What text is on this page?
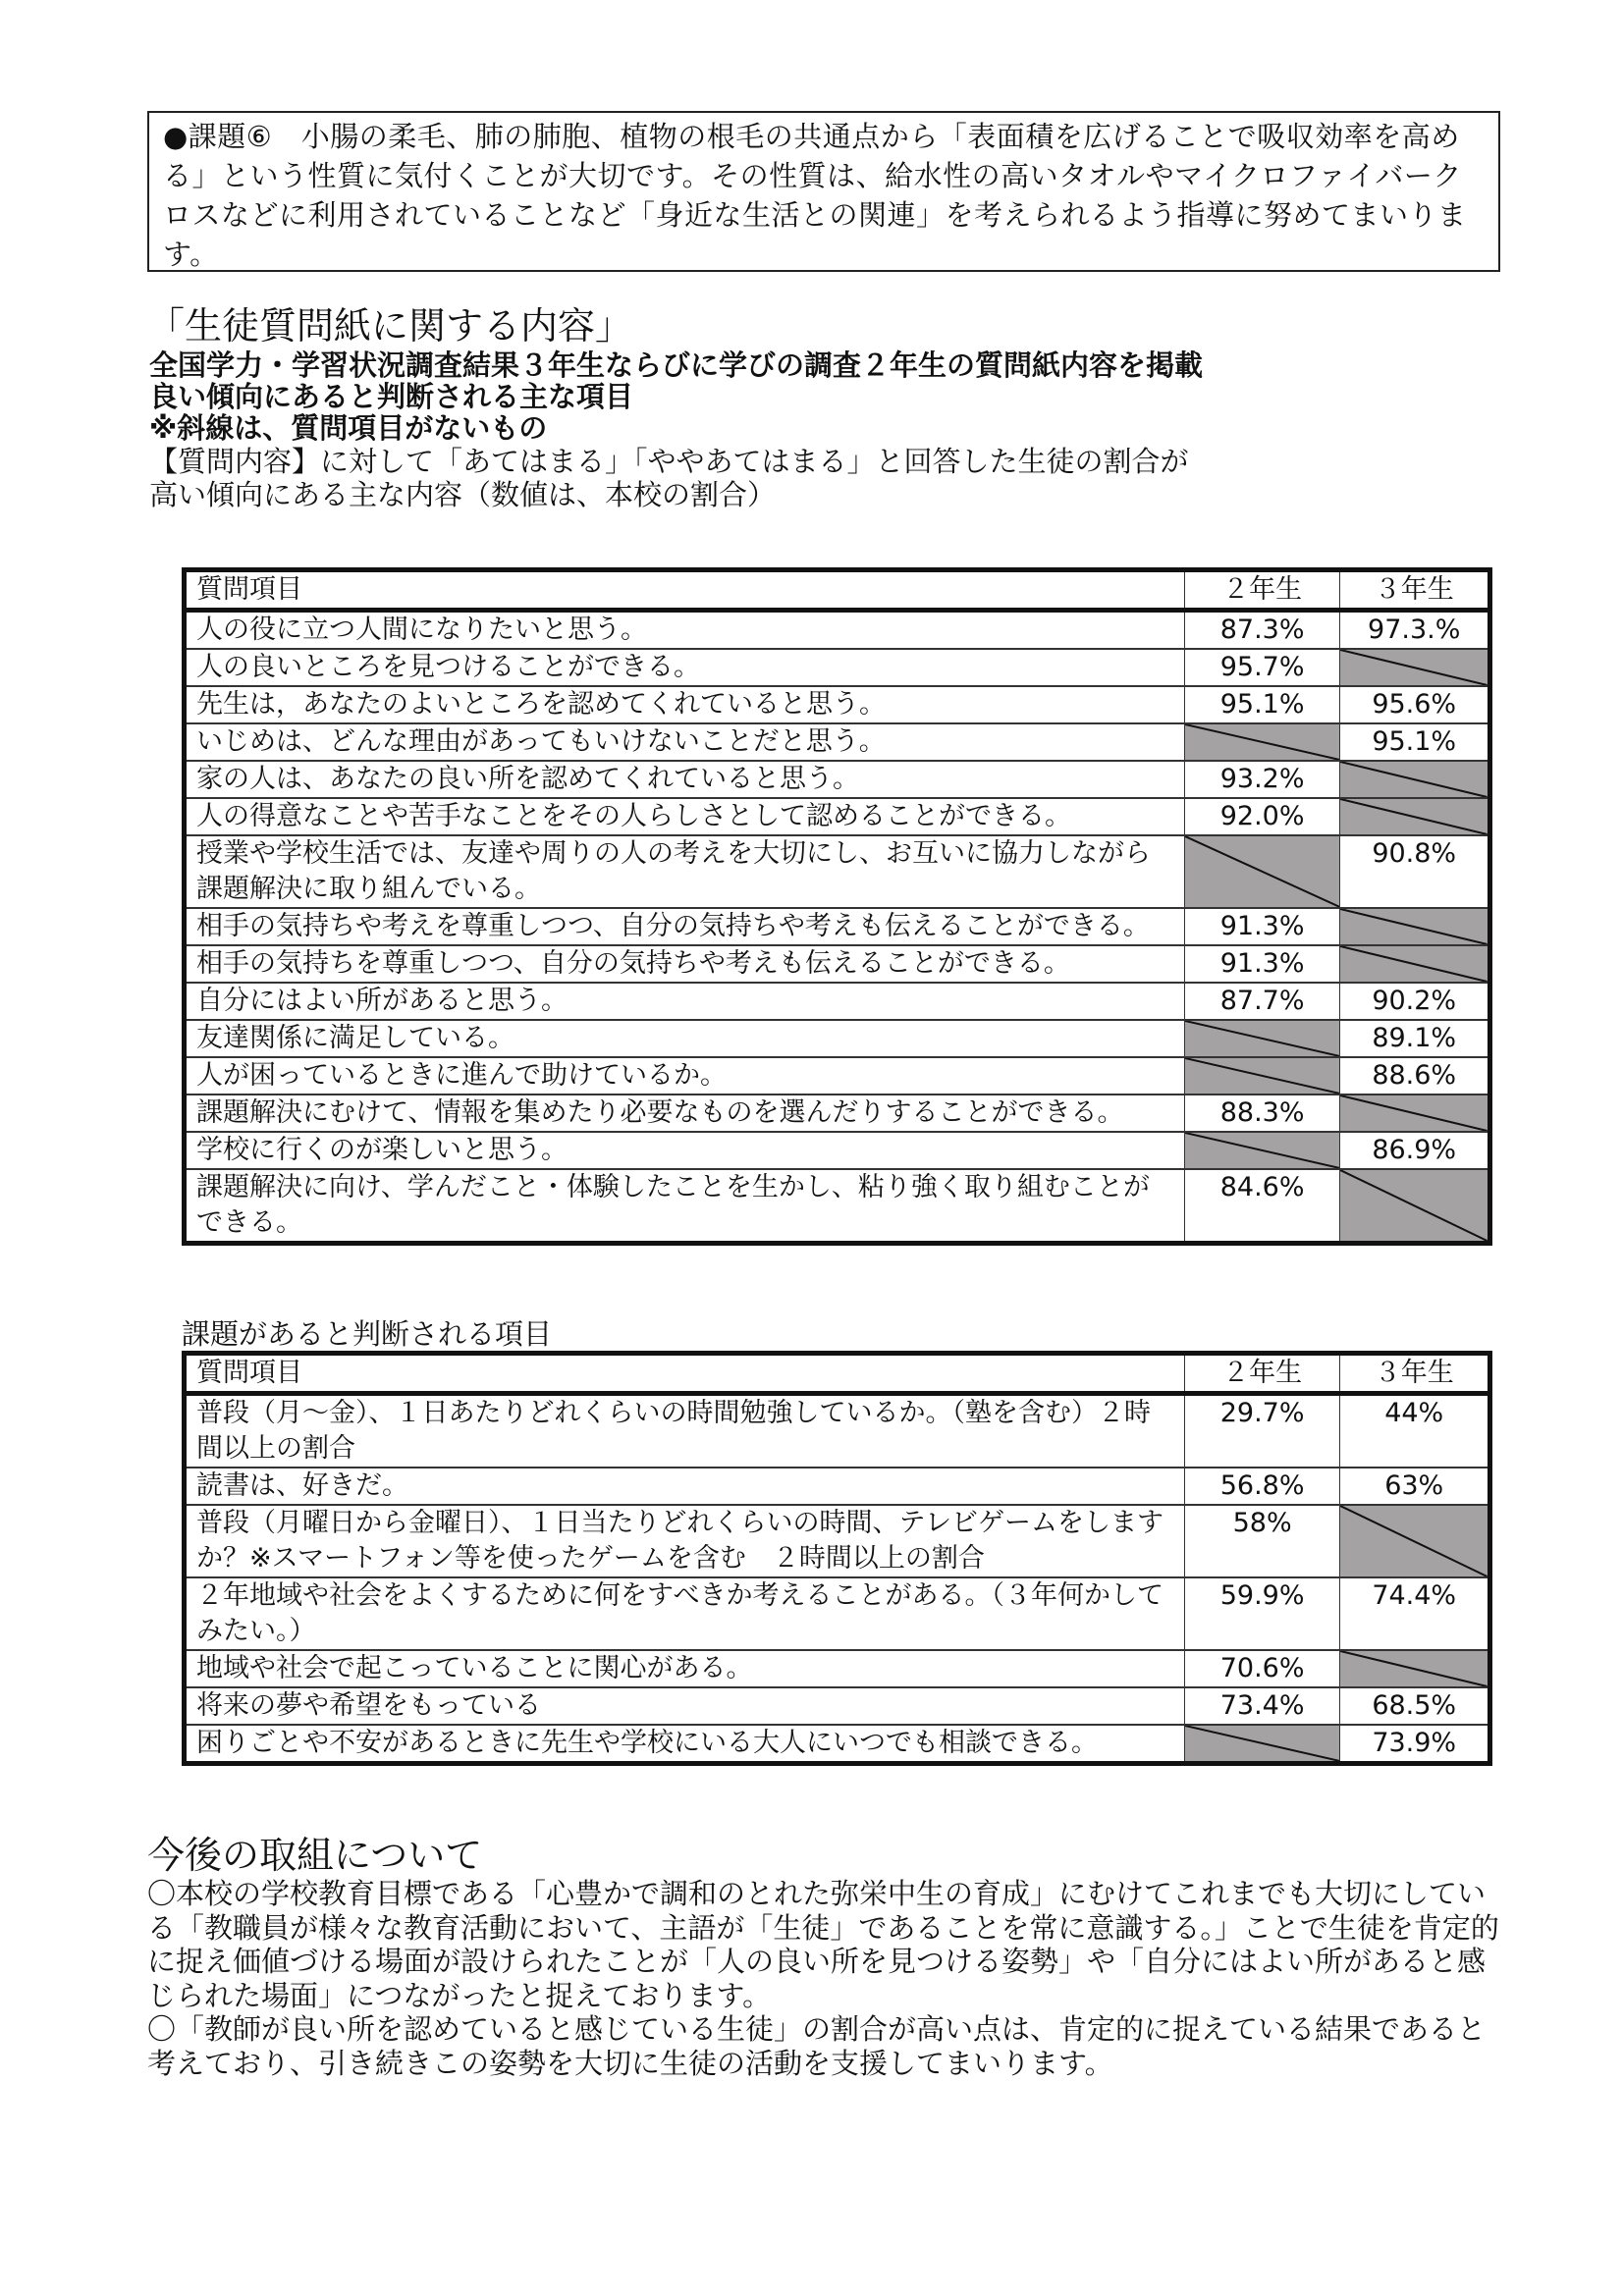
●課題⑥　小腸の柔毛、肺の肺胞、植物の根毛の共通点から「表面積を広げることで吸収効率を高める」という性質に気付くことが大切です。その性質は、給水性の高いタオルやマイクロファイバークロスなどに利用されていることなど「身近な生活との関連」を考えられるよう指導に努めてまいります。
「生徒質問紙に関する内容」
全国学力・学習状況調査結果３年生ならびに学びの調査２年生の質問紙内容を掲載
良い傾向にあると判断される主な項目
※斜線は、質問項目がないもの
【質問内容】に対して「あてはまる」「ややあてはまる」と回答した生徒の割合が
高い傾向にある主な内容（数値は、本校の割合）
質問項目	２年生	３年生
人の役に立つ人間になりたいと思う。	87.3%	97.3.%
人の良いところを見つけることができる。	95.7%	

先生は，あなたのよいところを認めてくれていると思う。	95.1%	95.6%
いじめは、どんな理由があってもいけないことだと思う。		95.1%
家の人は、あなたの良い所を認めてくれていると思う。	93.2%	

人の得意なことや苦手なことをその人らしさとして認めることができる。	92.0%	

授業や学校生活では、友達や周りの人の考えを大切にし、お互いに協力しながら課題解決に取り組んでいる。		90.8%
相手の気持ちや考えを尊重しつつ、自分の気持ちや考えも伝えることができる。	91.3%	

相手の気持ちを尊重しつつ、自分の気持ちや考えも伝えることができる。	91.3%	

自分にはよい所があると思う。	87.7%	90.2%
友達関係に満足している。		89.1%
人が困っているときに進んで助けているか。		88.6%
課題解決にむけて、情報を集めたり必要なものを選んだりすることができる。	88.3%	

学校に行くのが楽しいと思う。		86.9%
課題解決に向け、学んだこと・体験したことを生かし、粘り強く取り組むことができる。	84.6%	
課題があると判断される項目
質問項目	２年生	３年生
普段（月～金）、１日あたりどれくらいの時間勉強しているか。（塾を含む）２時間以上の割合	29.7%	44%
読書は、好きだ。	56.8%	63%
普段（月曜日から金曜日）、１日当たりどれくらいの時間、テレビゲームをしますか？※スマートフォン等を使ったゲームを含む　２時間以上の割合	58%	

２年地域や社会をよくするために何をすべきか考えることがある。（３年何かしてみたい。）	59.9%	74.4%
地域や社会で起こっていることに関心がある。	70.6%	

将来の夢や希望をもっている	73.4%	68.5%
困りごとや不安があるときに先生や学校にいる大人にいつでも相談できる。		73.9%
今後の取組について

〇本校の学校教育目標である「心豊かで調和のとれた弥栄中生の育成」にむけてこれまでも大切にしている「教職員が様々な教育活動において、主語が「生徒」であることを常に意識する。」ことで生徒を肯定的に捉え価値づける場面が設けられたことが「人の良い所を見つける姿勢」や「自分にはよい所があると感じられた場面」につながったと捉えております。

〇「教師が良い所を認めていると感じている生徒」の割合が高い点は、肯定的に捉えている結果であると考えており、引き続きこの姿勢を大切に生徒の活動を支援してまいります。
